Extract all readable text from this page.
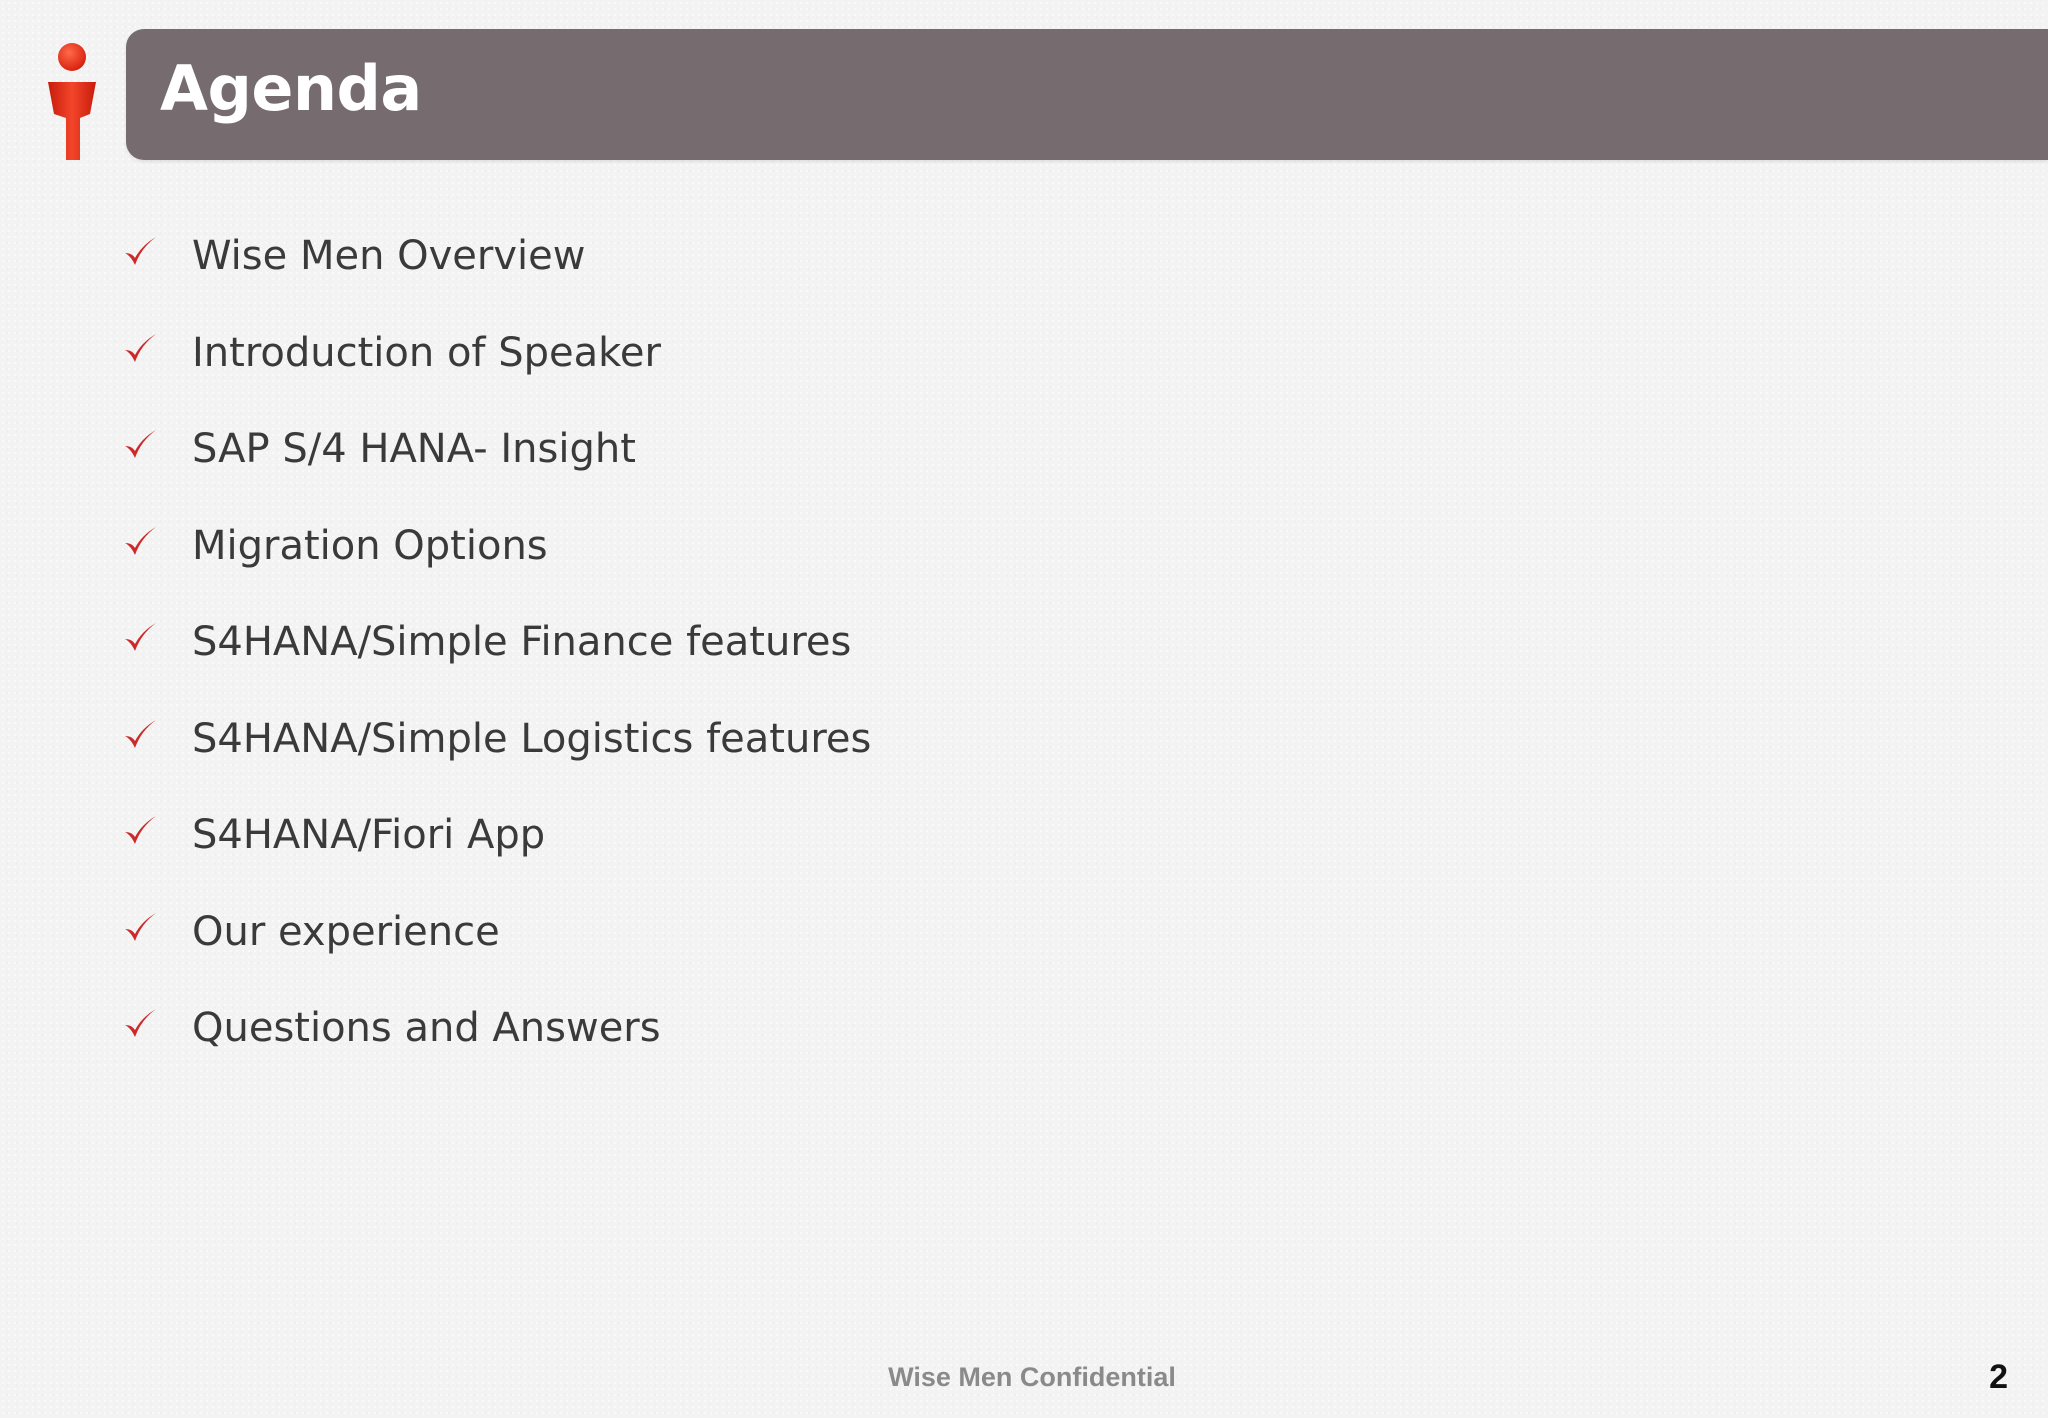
Agenda
Wise Men Overview
Introduction of Speaker
SAP S/4 HANA- Insight
Migration Options
S4HANA/Simple Finance features
S4HANA/Simple Logistics features
S4HANA/Fiori App
Our experience
Questions and Answers
Wise Men Confidential	2
